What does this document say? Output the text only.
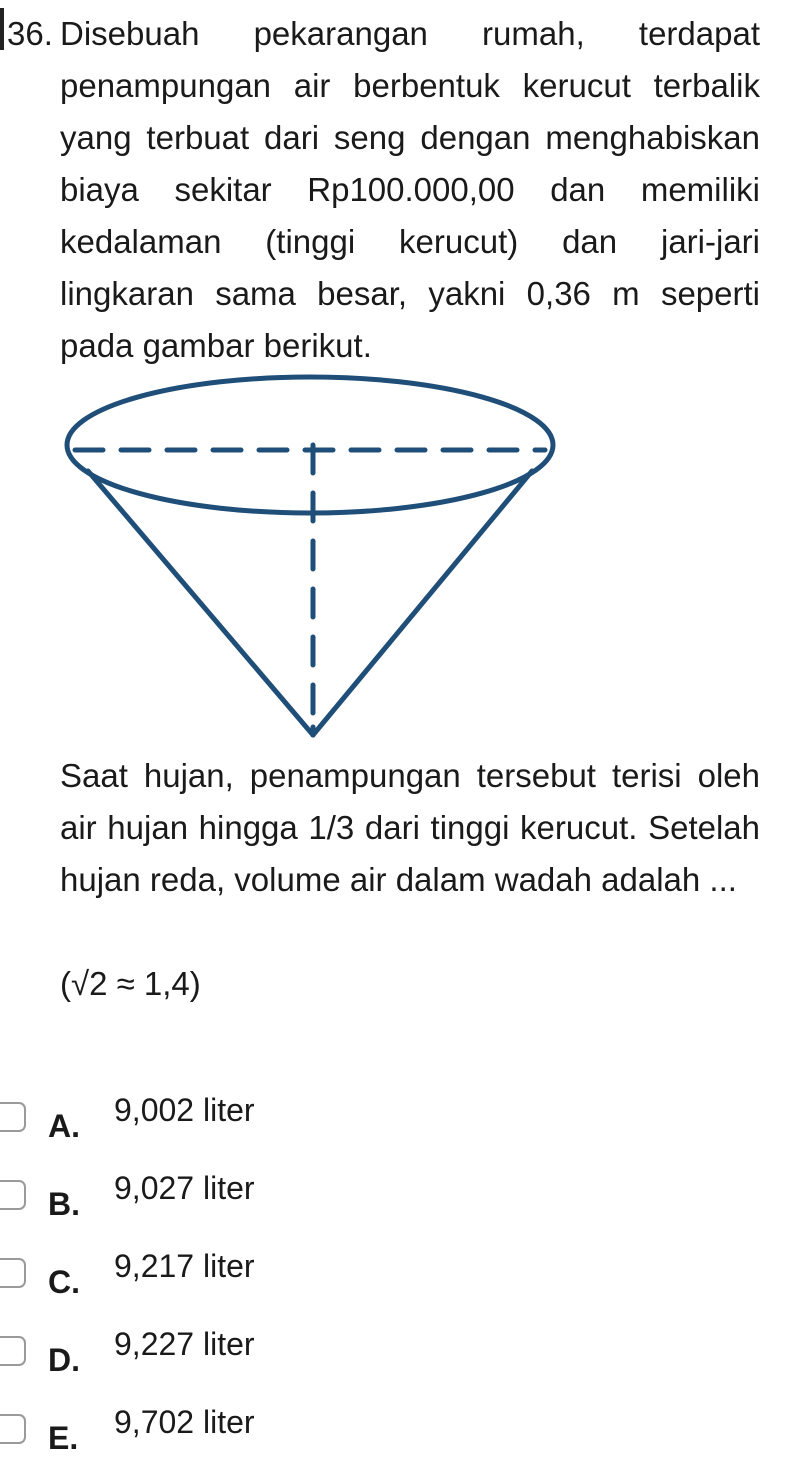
36. Disebuah pekarangan rumah, terdapat penampungan air berbentuk kerucut terbalik yang terbuat dari seng dengan menghabiskan biaya sekitar Rp100.000,00 dan memiliki kedalaman (tinggi kerucut) dan jari-jari lingkaran sama besar, yakni 0,36 m seperti pada gambar berikut.

Saat hujan, penampungan tersebut terisi oleh air hujan hingga 1/3 dari tinggi kerucut. Setelah hujan reda, volume air dalam wadah adalah ...

(√2 ≈ 1,4)

A. 9,002 liter
B. 9,027 liter
C. 9,217 liter
D. 9,227 liter
E. 9,702 liter
